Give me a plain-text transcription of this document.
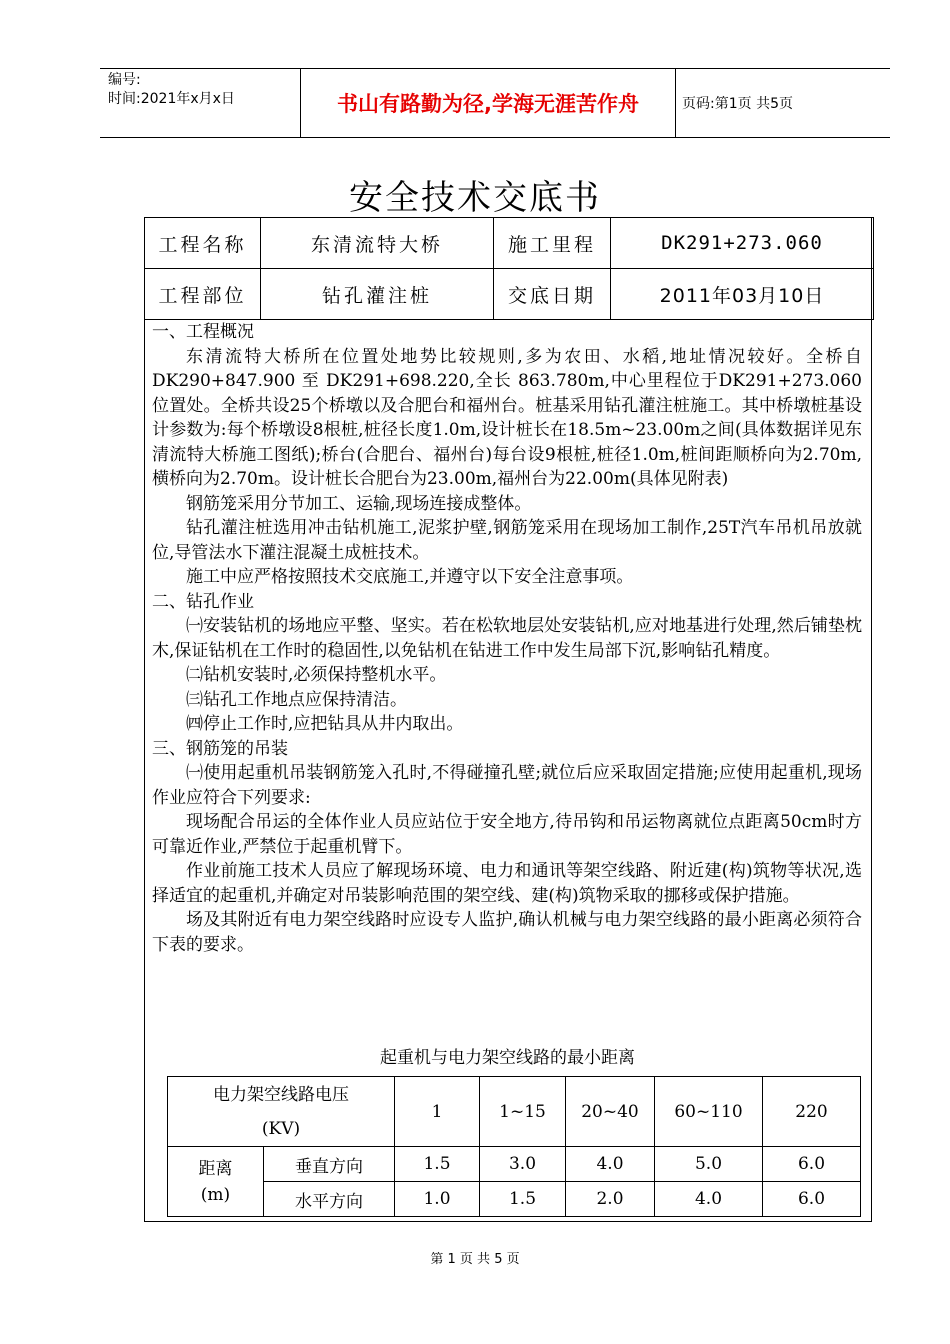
编号:
时间:2021年x月x日	书山有路勤为径,学海无涯苦作舟	页码:第1页 共5页
安全技术交底书
工程名称	东清流特大桥	施工里程	DK291+273.060
工程部位	钻孔灌注桩	交底日期	2011年03月10日

一、工程概况

东清流特大桥所在位置处地势比较规则,多为农田、水稻,地址情况较好。全桥自 DK290+847.900 至 DK291+698.220,全长 863.780m,中心里程位于DK291+273.060位置处。全桥共设25个桥墩以及合肥台和福州台。桩基采用钻孔灌注桩施工。其中桥墩桩基设计参数为:每个桥墩设8根桩,桩径长度1.0m,设计桩长在18.5m~23.00m之间(具体数据详见东清流特大桥施工图纸);桥台(合肥台、福州台)每台设9根桩,桩径1.0m,桩间距顺桥向为2.70m,横桥向为2.70m。设计桩长合肥台为23.00m,福州台为22.00m(具体见附表)

钢筋笼采用分节加工、运输,现场连接成整体。

钻孔灌注桩选用冲击钻机施工,泥浆护壁,钢筋笼采用在现场加工制作,25T汽车吊机吊放就位,导管法水下灌注混凝土成桩技术。

施工中应严格按照技术交底施工,并遵守以下安全注意事项。

二、钻孔作业

㈠安装钻机的场地应平整、坚实。若在松软地层处安装钻机,应对地基进行处理,然后铺垫枕木,保证钻机在工作时的稳固性,以免钻机在钻进工作中发生局部下沉,影响钻孔精度。

㈡钻机安装时,必须保持整机水平。

㈢钻孔工作地点应保持清洁。

㈣停止工作时,应把钻具从井内取出。

三、钢筋笼的吊装

㈠使用起重机吊装钢筋笼入孔时,不得碰撞孔壁;就位后应采取固定措施;应使用起重机,现场作业应符合下列要求:

现场配合吊运的全体作业人员应站位于安全地方,待吊钩和吊运物离就位点距离50cm时方可靠近作业,严禁位于起重机臂下。

作业前施工技术人员应了解现场环境、电力和通讯等架空线路、附近建(构)筑物等状况,选择适宜的起重机,并确定对吊装影响范围的架空线、建(构)筑物采取的挪移或保护措施。

场及其附近有电力架空线路时应设专人监护,确认机械与电力架空线路的最小距离必须符合下表的要求。

起重机与电力架空线路的最小距离
电力架空线路电压
(KV)		1	1~15	20~40	60~110	220

距离
(m)	垂直方向	1.5	3.0	4.0	5.0	6.0
	水平方向	1.0	1.5	2.0	4.0	6.0
第 1 页 共 5 页
